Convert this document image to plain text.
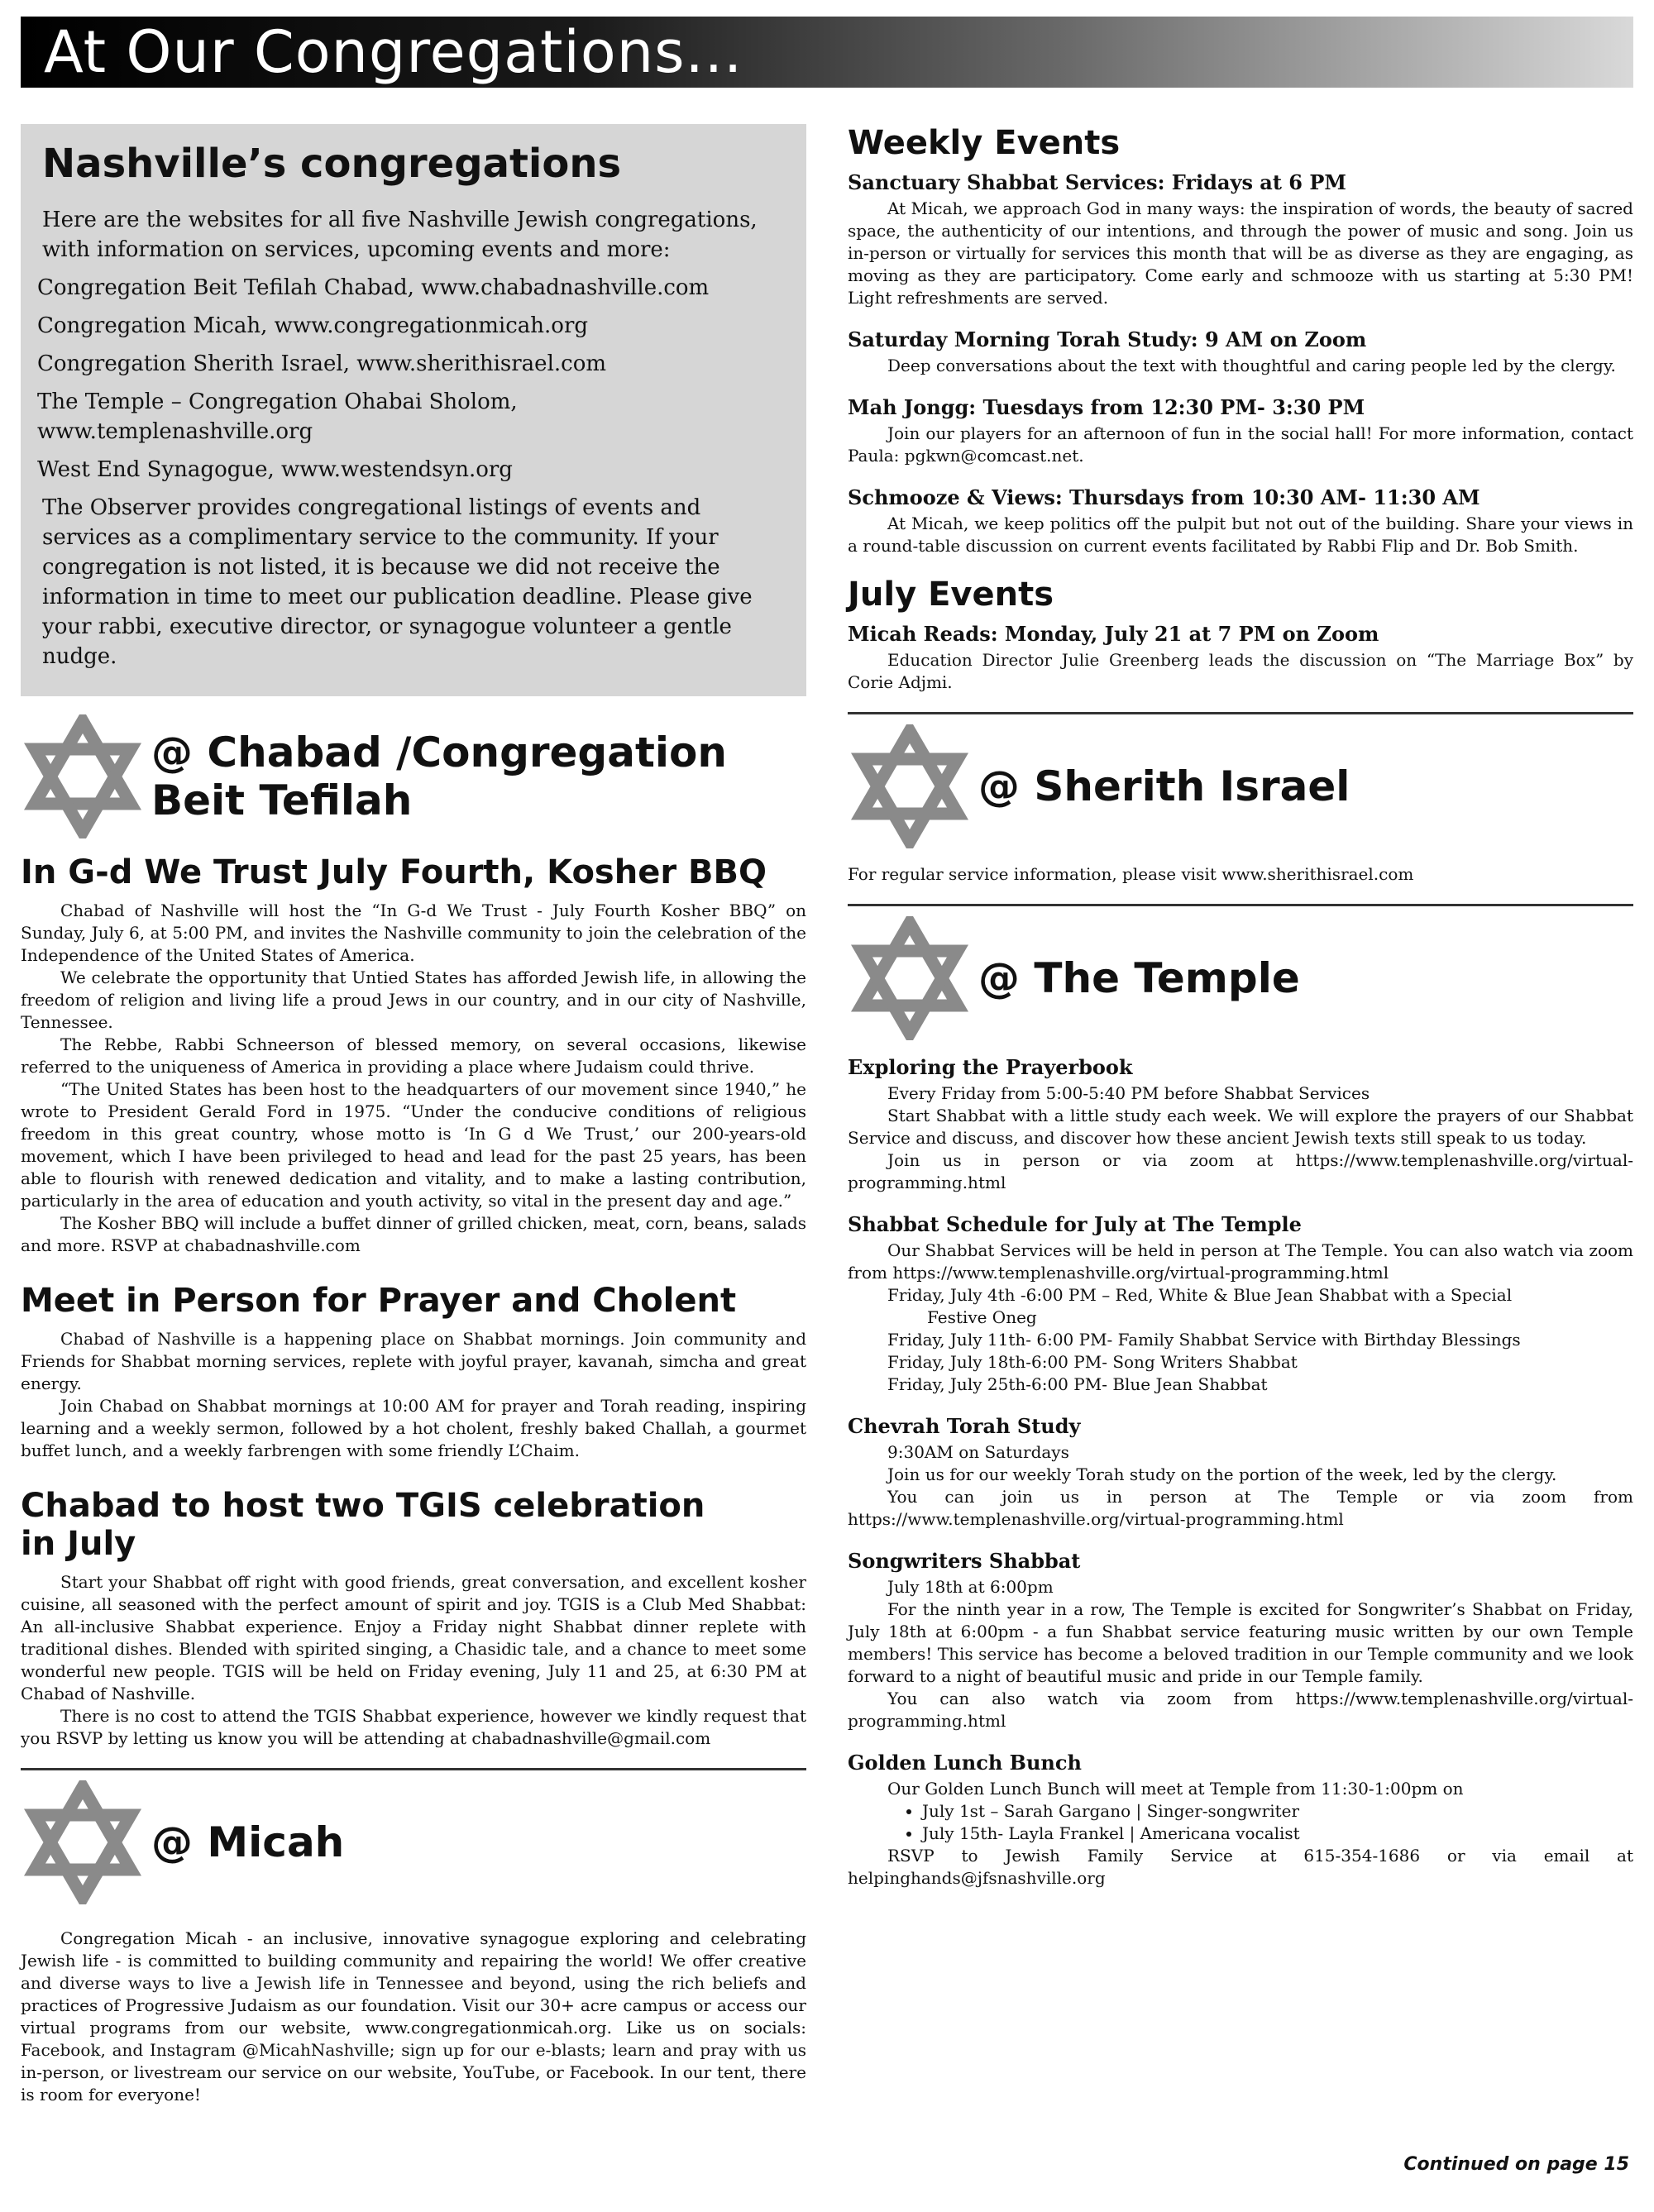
At Our Congregations...
Nashville’s congregations

Here are the websites for all five Nashville Jewish congregations, with information on services, upcoming events and more:

Congregation Beit Tefilah Chabad, www.chabadnashville.com
Congregation Micah, www.congregationmicah.org
Congregation Sherith Israel, www.sherithisrael.com
The Temple – Congregation Ohabai Sholom, www.templenashville.org
West End Synagogue, www.westendsyn.org

The Observer provides congregational listings of events and services as a complimentary service to the community. If your congregation is not listed, it is because we did not receive the information in time to meet our publication deadline. Please give your rabbi, executive director, or synagogue volunteer a gentle nudge.

@ Chabad /Congregation Beit Tefilah
In G-d We Trust July Fourth, Kosher BBQ

Chabad of Nashville will host the “In G-d We Trust - July Fourth Kosher BBQ” on Sunday, July 6, at 5:00 PM, and invites the Nashville community to join the celebration of the Independence of the United States of America.

We celebrate the opportunity that Untied States has afforded Jewish life, in allowing the freedom of religion and living life a proud Jews in our country, and in our city of Nashville, Tennessee.

The Rebbe, Rabbi Schneerson of blessed memory, on several occasions, likewise referred to the uniqueness of America in providing a place where Judaism could thrive.

“The United States has been host to the headquarters of our movement since 1940,” he wrote to President Gerald Ford in 1975. “Under the conducive conditions of religious freedom in this great country, whose motto is ‘In G d We Trust,’ our 200-years-old movement, which I have been privileged to head and lead for the past 25 years, has been able to flourish with renewed dedication and vitality, and to make a lasting contribution, particularly in the area of education and youth activity, so vital in the present day and age.”

The Kosher BBQ will include a buffet dinner of grilled chicken, meat, corn, beans, salads and more. RSVP at chabadnashville.com

Meet in Person for Prayer and Cholent

Chabad of Nashville is a happening place on Shabbat mornings. Join community and Friends for Shabbat morning services, replete with joyful prayer, kavanah, simcha and great energy.

Join Chabad on Shabbat mornings at 10:00 AM for prayer and Torah reading, inspiring learning and a weekly sermon, followed by a hot cholent, freshly baked Challah, a gourmet buffet lunch, and a weekly farbrengen with some friendly L’Chaim.

Chabad to host two TGIS celebration in July

Start your Shabbat off right with good friends, great conversation, and excellent kosher cuisine, all seasoned with the perfect amount of spirit and joy. TGIS is a Club Med Shabbat: An all-inclusive Shabbat experience. Enjoy a Friday night Shabbat dinner replete with traditional dishes. Blended with spirited singing, a Chasidic tale, and a chance to meet some wonderful new people. TGIS will be held on Friday evening, July 11 and 25, at 6:30 PM at Chabad of Nashville.

There is no cost to attend the TGIS Shabbat experience, however we kindly request that you RSVP by letting us know you will be attending at chabadnashville@gmail.com

@ Micah

Congregation Micah - an inclusive, innovative synagogue exploring and celebrating Jewish life - is committed to building community and repairing the world! We offer creative and diverse ways to live a Jewish life in Tennessee and beyond, using the rich beliefs and practices of Progressive Judaism as our foundation. Visit our 30+ acre campus or access our virtual programs from our website, www.congregationmicah.org. Like us on socials: Facebook, and Instagram @MicahNashville; sign up for our e-blasts; learn and pray with us in-person, or livestream our service on our website, YouTube, or Facebook. In our tent, there is room for everyone!

Weekly Events
Sanctuary Shabbat Services: Fridays at 6 PM

At Micah, we approach God in many ways: the inspiration of words, the beauty of sacred space, the authenticity of our intentions, and through the power of music and song. Join us in-person or virtually for services this month that will be as diverse as they are engaging, as moving as they are participatory. Come early and schmooze with us starting at 5:30 PM! Light refreshments are served.

Saturday Morning Torah Study: 9 AM on Zoom

Deep conversations about the text with thoughtful and caring people led by the clergy.

Mah Jongg: Tuesdays from 12:30 PM- 3:30 PM

Join our players for an afternoon of fun in the social hall! For more information, contact Paula: pgkwn@comcast.net.

Schmooze & Views: Thursdays from 10:30 AM- 11:30 AM

At Micah, we keep politics off the pulpit but not out of the building. Share your views in a round-table discussion on current events facilitated by Rabbi Flip and Dr. Bob Smith.

July Events
Micah Reads: Monday, July 21 at 7 PM on Zoom

Education Director Julie Greenberg leads the discussion on “The Marriage Box” by Corie Adjmi.

@ Sherith Israel

For regular service information, please visit www.sherithisrael.com

@ The Temple
Exploring the Prayerbook

Every Friday from 5:00-5:40 PM before Shabbat Services

Start Shabbat with a little study each week. We will explore the prayers of our Shabbat Service and discuss, and discover how these ancient Jewish texts still speak to us today.

Join us in person or via zoom at https://www.templenashville.org/virtual-programming.html

Shabbat Schedule for July at The Temple

Our Shabbat Services will be held in person at The Temple. You can also watch via zoom from https://www.templenashville.org/virtual-programming.html

Friday, July 4th -6:00 PM – Red, White & Blue Jean Shabbat with a Special

Festive Oneg

Friday, July 11th- 6:00 PM- Family Shabbat Service with Birthday Blessings

Friday, July 18th-6:00 PM- Song Writers Shabbat

Friday, July 25th-6:00 PM- Blue Jean Shabbat

Chevrah Torah Study

9:30AM on Saturdays

Join us for our weekly Torah study on the portion of the week, led by the clergy.

You can join us in person at The Temple or via zoom from https://www.templenashville.org/virtual-programming.html

Songwriters Shabbat

July 18th at 6:00pm

For the ninth year in a row, The Temple is excited for Songwriter’s Shabbat on Friday, July 18th at 6:00pm - a fun Shabbat service featuring music written by our own Temple members! This service has become a beloved tradition in our Temple community and we look forward to a night of beautiful music and pride in our Temple family.

You can also watch via zoom from https://www.templenashville.org/virtual-programming.html

Golden Lunch Bunch

Our Golden Lunch Bunch will meet at Temple from 11:30-1:00pm on

• July 1st – Sarah Gargano | Singer-songwriter
• July 15th- Layla Frankel | Americana vocalist

RSVP to Jewish Family Service at 615-354-1686 or via email at helpinghands@jfsnashville.org

Continued on page 15
